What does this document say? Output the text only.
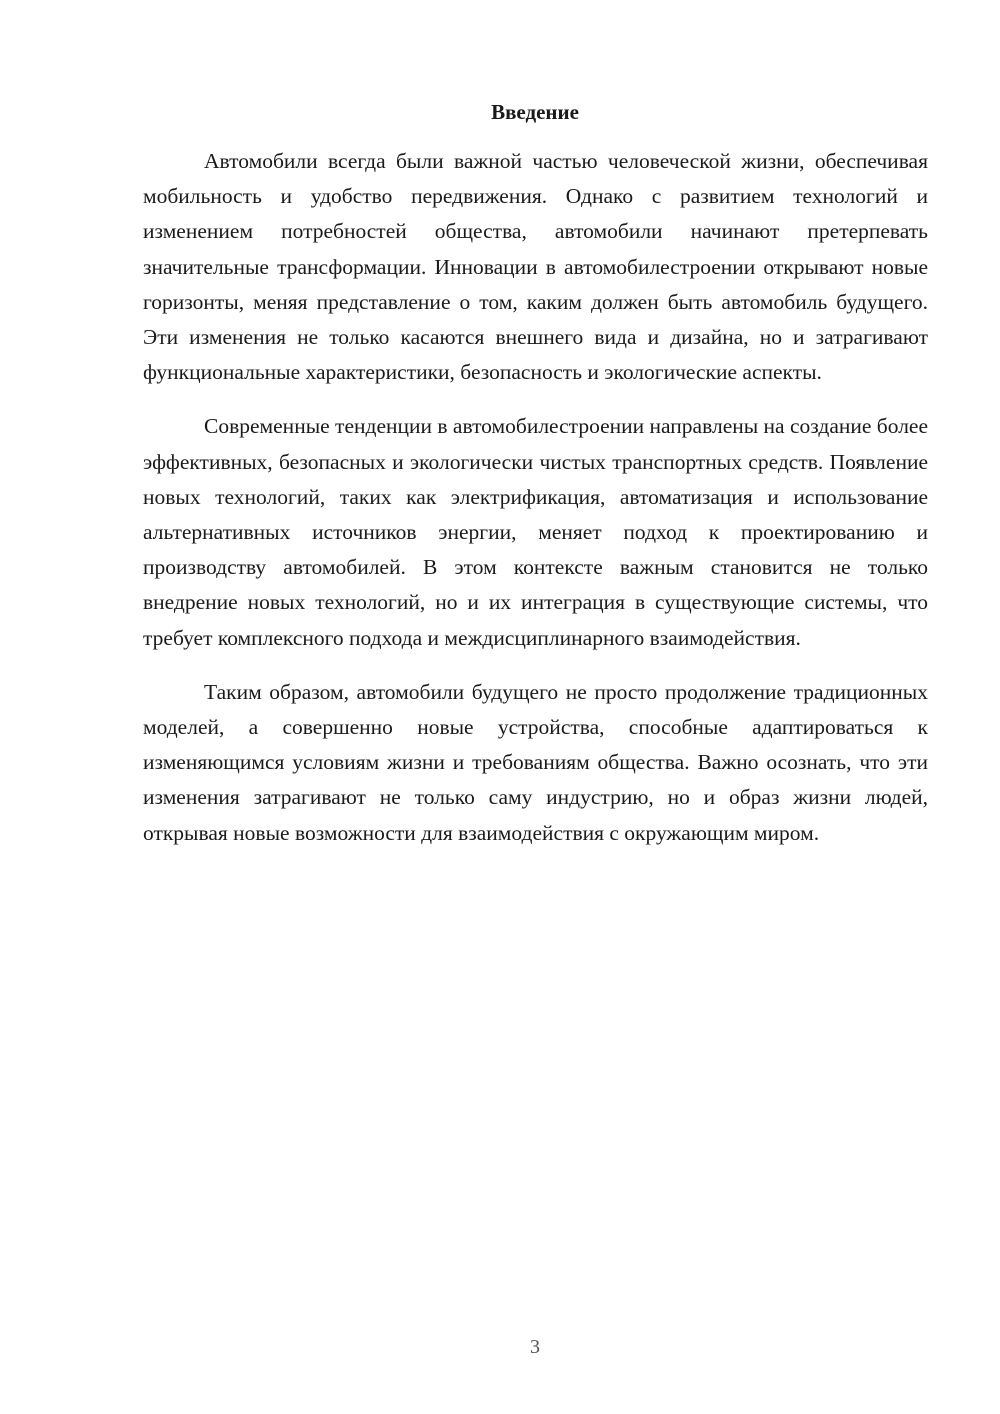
Введение

Автомобили всегда были важной частью человеческой жизни, обеспечивая мобильность и удобство передвижения. Однако с развитием технологий и изменением потребностей общества, автомобили начинают претерпевать значительные трансформации. Инновации в автомобилестроении открывают новые горизонты, меняя представление о том, каким должен быть автомобиль будущего. Эти изменения не только касаются внешнего вида и дизайна, но и затрагивают функциональные характеристики, безопасность и экологические аспекты.

Современные тенденции в автомобилестроении направлены на создание более эффективных, безопасных и экологически чистых транспортных средств. Появление новых технологий, таких как электрификация, автоматизация и использование альтернативных источников энергии, меняет подход к проектированию и производству автомобилей. В этом контексте важным становится не только внедрение новых технологий, но и их интеграция в существующие системы, что требует комплексного подхода и междисциплинарного взаимодействия.

Таким образом, автомобили будущего не просто продолжение традиционных моделей, а совершенно новые устройства, способные адаптироваться к изменяющимся условиям жизни и требованиям общества. Важно осознать, что эти изменения затрагивают не только саму индустрию, но и образ жизни людей, открывая новые возможности для взаимодействия с окружающим миром.

3
